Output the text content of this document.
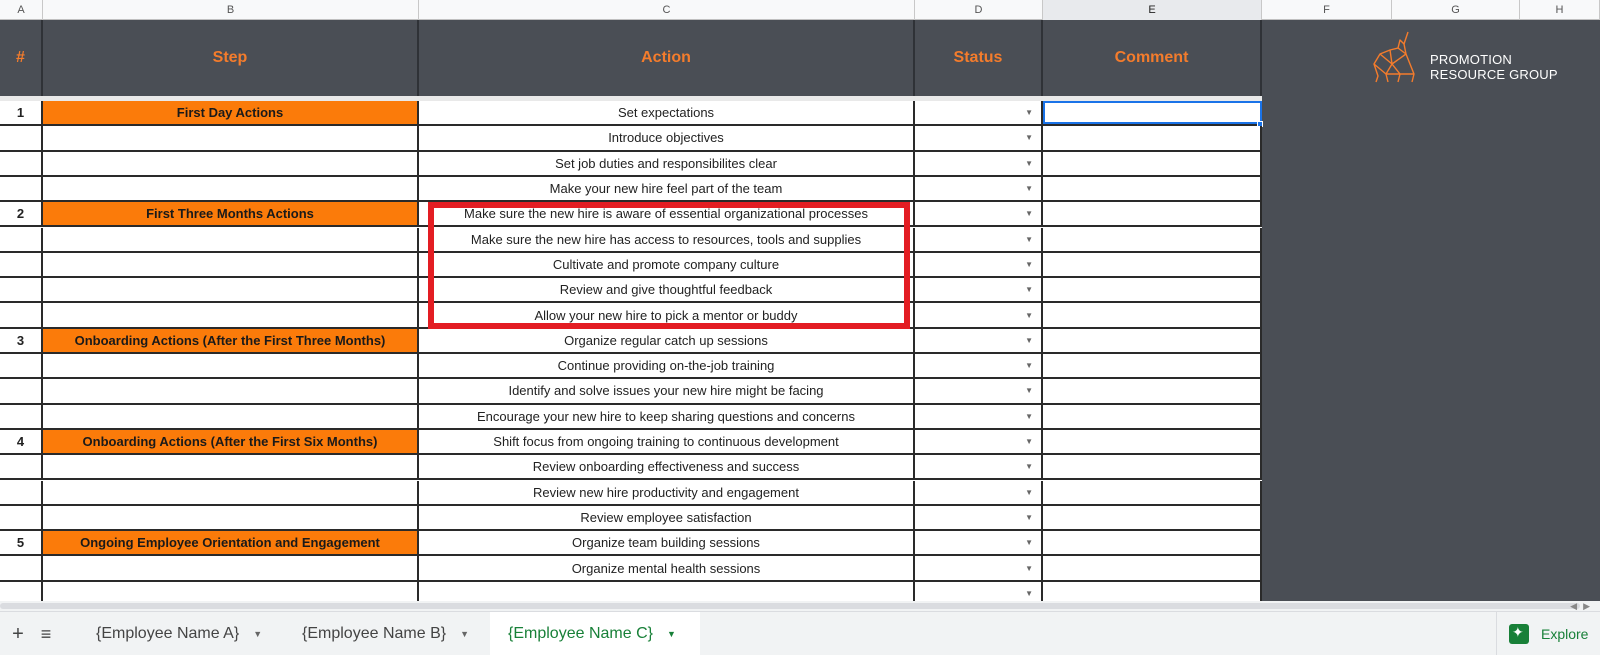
A	B	C	D	E	F	G	H
#	Step	Action	Status	Comment	PROMOTION
RESOURCE GROUP
1	First Day Actions	Set expectations	▼
Introduce objectives	▼
Set job duties and responsibilites clear	▼
Make your new hire feel part of the team	▼
2	First Three Months Actions	Make sure the new hire is aware of essential organizational processes	▼
Make sure the new hire has access to resources, tools and supplies	▼
Cultivate and promote company culture	▼
Review and give thoughtful feedback	▼
Allow your new hire to pick a mentor or buddy	▼
3	Onboarding Actions (After the First Three Months)	Organize regular catch up sessions	▼
Continue providing on-the-job training	▼
Identify and solve issues your new hire might be facing	▼
Encourage your new hire to keep sharing questions and concerns	▼
4	Onboarding Actions (After the First Six Months)	Shift focus from ongoing training to continuous development	▼
Review onboarding effectiveness and success	▼
Review new hire productivity and engagement	▼
Review employee satisfaction	▼
5	Ongoing Employee Orientation and Engagement	Organize team building sessions	▼
Organize mental health sessions	▼
▼
◀▶
+ ≡	{Employee Name A} ▼ {Employee Name B} ▼ {Employee Name C} ▼
✦	Explore
